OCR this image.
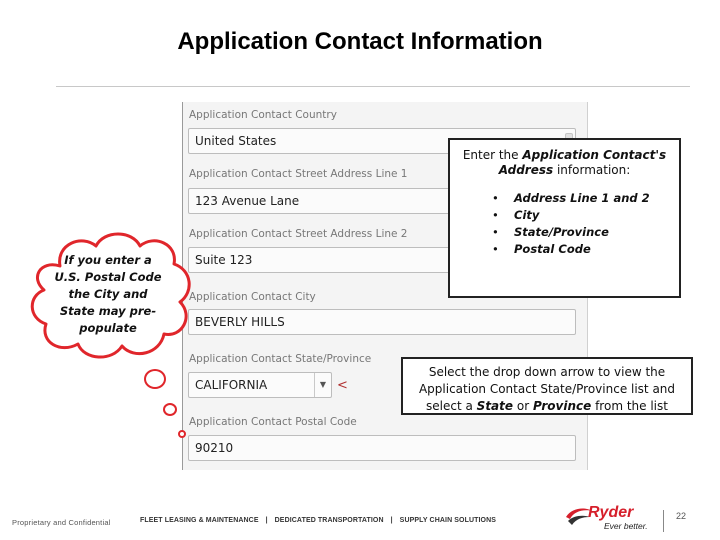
Application Contact Information
Application Contact Country
United States
Application Contact Street Address Line 1
123 Avenue Lane
Application Contact Street Address Line 2
Suite 123
Application Contact City
BEVERLY HILLS
Application Contact State/Province
CALIFORNIA	▼ <
Application Contact Postal Code
90210
Enter the Application Contact's
Address information:
• Address Line 1 and 2
• City
• State/Province
• Postal Code
Select the drop down arrow to view the
Application Contact State/Province list and
select a State or Province from the list
If you enter a
U.S. Postal Code
the City and
State may pre-
populate
Proprietary and Confidential	FLEET LEASING & MAINTENANCE | DEDICATED TRANSPORTATION | SUPPLY CHAIN SOLUTIONS	Ryder
Ever better.
22
